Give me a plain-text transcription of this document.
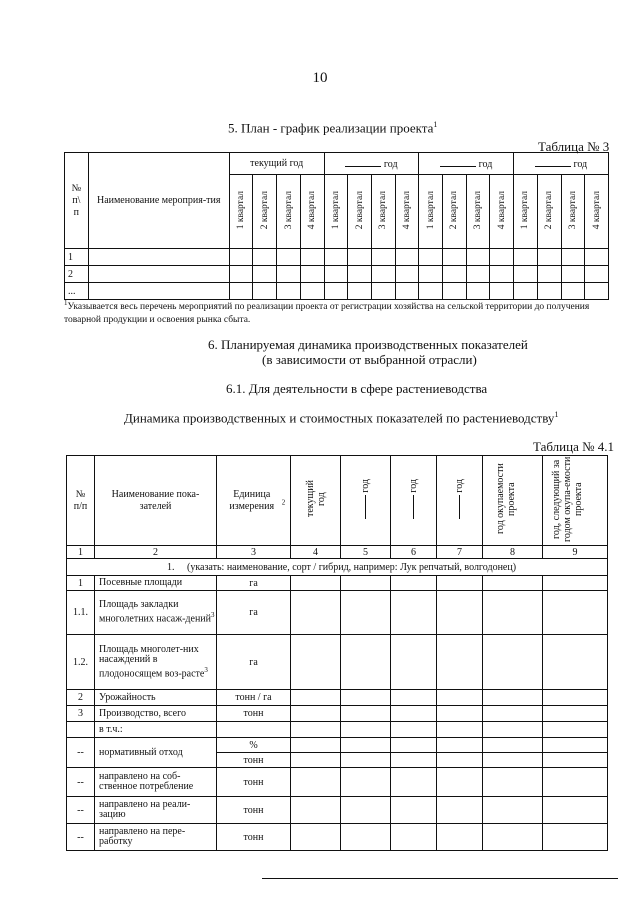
10
5. План - график реализации проекта$^1$
Таблица № 3
№ п\ п	Наименование мероприя-тия	текущий год				год				год				год			
		1 квартал	2 квартал	3 квартал	4 квартал	1 квартал	2 квартал	3 квартал	4 квартал	1 квартал	2 квартал	3 квартал	4 квартал	1 квартал	2 квартал	3 квартал	4 квартал
1																	
2																	
...																	
$^1$Указывается весь перечень мероприятий по реализации проекта от регистрации хозяйства на сельской территории до получения товарной продукции и освоения рынка сбыта.
6. Планируемая динамика производственных показателей
(в зависимости от выбранной отрасли)
6.1. Для деятельности в сфере растениеводства
Динамика производственных и стоимостных показателей по растениеводству$^1$
Таблица № 4.1
№ п/п	Наименование пока-зателей	Единица измерения $^2$	текущий год	год	год	год	год окупаемости проекта	год, следующий за годом окупа-емости проекта
1	2	3	4	5	6	7	8	9
1. (указать: наименование, сорт / гибрид, например: Лук репчатый, волгодонец)								
1	Посевные площади	га						
1.1.	Площадь закладки многолетних насаж-дений$^3$	га						
1.2.	Площадь многолет-них насаждений в плодоносящем воз-расте$^3$	га						
2	Урожайность	тонн / га						
3	Производство, всего	тонн						
	в т.ч.:							
--	нормативный отход	%						
		тонн						
--	направлено на соб-ственное потребление	тонн						
--	направлено на реали-зацию	тонн						
--	направлено на пере-работку	тонн						
